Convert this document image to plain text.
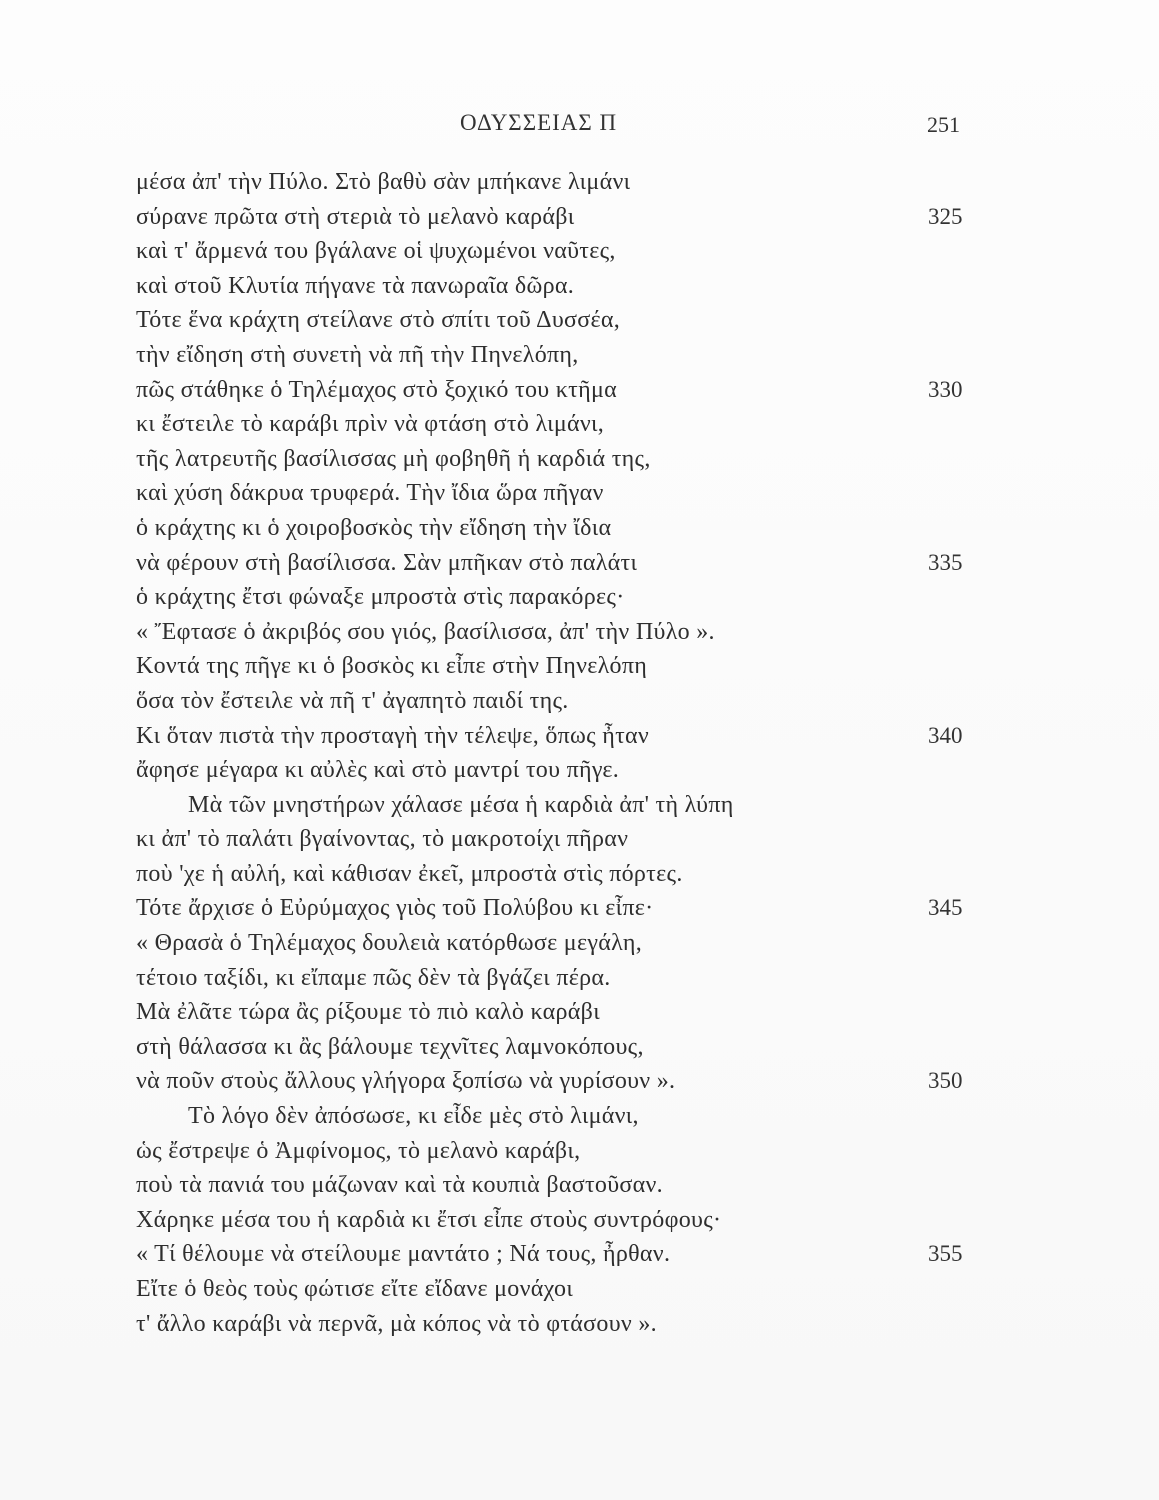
ΟΔΥΣΣΕΙΑΣ Π	251
μέσα ἀπ' τὴν Πύλο. Στὸ βαθὺ σὰν μπήκανε λιμάνι
σύρανε πρῶτα στὴ στεριὰ τὸ μελανὸ καράβι	325
καὶ τ' ἄρμενά του βγάλανε οἱ ψυχωμένοι ναῦτες,
καὶ στοῦ Κλυτία πήγανε τὰ πανωραῖα δῶρα.
Τότε ἕνα κράχτη στείλανε στὸ σπίτι τοῦ Δυσσέα,
τὴν εἴδηση στὴ συνετὴ νὰ πῆ τὴν Πηνελόπη,
πῶς στάθηκε ὁ Τηλέμαχος στὸ ξοχικό του κτῆμα	330
κι ἔστειλε τὸ καράβι πρὶν νὰ φτάση στὸ λιμάνι,
τῆς λατρευτῆς βασίλισσας μὴ φοβηθῆ ἡ καρδιά της,
καὶ χύση δάκρυα τρυφερά. Τὴν ἴδια ὥρα πῆγαν
ὁ κράχτης κι ὁ χοιροβοσκὸς τὴν εἴδηση τὴν ἴδια
νὰ φέρουν στὴ βασίλισσα. Σὰν μπῆκαν στὸ παλάτι	335
ὁ κράχτης ἔτσι φώναξε μπροστὰ στὶς παρακόρες·
« Ἔφτασε ὁ ἀκριβός σου γιός, βασίλισσα, ἀπ' τὴν Πύλο ».
Κοντά της πῆγε κι ὁ βοσκὸς κι εἶπε στὴν Πηνελόπη
ὅσα τὸν ἔστειλε νὰ πῆ τ' ἀγαπητὸ παιδί της.
Κι ὅταν πιστὰ τὴν προσταγὴ τὴν τέλεψε, ὅπως ἦταν	340
ἄφησε μέγαρα κι αὐλὲς καὶ στὸ μαντρί του πῆγε.
Μὰ τῶν μνηστήρων χάλασε μέσα ἡ καρδιὰ ἀπ' τὴ λύπη
κι ἀπ' τὸ παλάτι βγαίνοντας, τὸ μακροτοίχι πῆραν
ποὺ 'χε ἡ αὐλή, καὶ κάθισαν ἐκεῖ, μπροστὰ στὶς πόρτες.
Τότε ἄρχισε ὁ Εὐρύμαχος γιὸς τοῦ Πολύβου κι εἶπε·	345
« Θρασὰ ὁ Τηλέμαχος δουλειὰ κατόρθωσε μεγάλη,
τέτοιο ταξίδι, κι εἴπαμε πῶς δὲν τὰ βγάζει πέρα.
Μὰ ἐλᾶτε τώρα ἂς ρίξουμε τὸ πιὸ καλὸ καράβι
στὴ θάλασσα κι ἂς βάλουμε τεχνῖτες λαμνοκόπους,
νὰ ποῦν στοὺς ἄλλους γλήγορα ξοπίσω νὰ γυρίσουν ».	350
Τὸ λόγο δὲν ἀπόσωσε, κι εἶδε μὲς στὸ λιμάνι,
ὡς ἔστρεψε ὁ Ἀμφίνομος, τὸ μελανὸ καράβι,
ποὺ τὰ πανιά του μάζωναν καὶ τὰ κουπιὰ βαστοῦσαν.
Χάρηκε μέσα του ἡ καρδιὰ κι ἔτσι εἶπε στοὺς συντρόφους·
« Τί θέλουμε νὰ στείλουμε μαντάτο ; Νά τους, ἦρθαν.	355
Εἴτε ὁ θεὸς τοὺς φώτισε εἴτε εἴδανε μονάχοι
τ' ἄλλο καράβι νὰ περνᾶ, μὰ κόπος νὰ τὸ φτάσουν ».
